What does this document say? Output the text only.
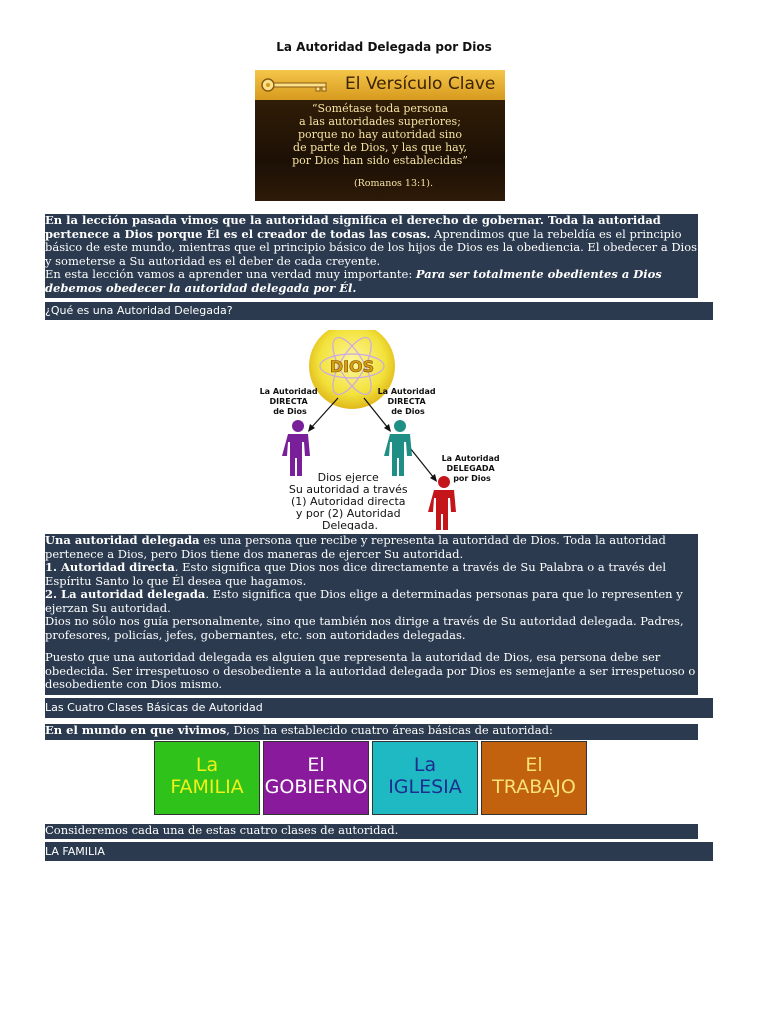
La Autoridad Delegada por Dios
El Versículo Clave
“Sométase toda persona
a las autoridades superiores;
porque no hay autoridad sino
de parte de Dios, y las que hay,
por Dios han sido establecidas”
(Romanos 13:1).
En la lección pasada vimos que la autoridad significa el derecho de gobernar. Toda la autoridad pertenece a Dios porque Él es el creador de todas las cosas. Aprendimos que la rebeldía es el principio básico de este mundo, mientras que el principio básico de los hijos de Dios es la obediencia. El obedecer a Dios y someterse a Su autoridad es el deber de cada creyente.
En esta lección vamos a aprender una verdad muy importante: Para ser totalmente obedientes a Dios debemos obedecer la autoridad delegada por Él.
¿Qué es una Autoridad Delegada?
DIOS
La Autoridad DIRECTA de Dios
La Autoridad DIRECTA de Dios
La Autoridad DELEGADA por Dios
Dios ejerce Su autoridad a través (1) Autoridad directa y por (2) Autoridad Delegada.
Una autoridad delegada es una persona que recibe y representa la autoridad de Dios. Toda la autoridad pertenece a Dios, pero Dios tiene dos maneras de ejercer Su autoridad.
1. Autoridad directa. Esto significa que Dios nos dice directamente a través de Su Palabra o a través del Espíritu Santo lo que Él desea que hagamos.
2. La autoridad delegada. Esto significa que Dios elige a determinadas personas para que lo representen y ejerzan Su autoridad.
Dios no sólo nos guía personalmente, sino que también nos dirige a través de Su autoridad delegada. Padres, profesores, policías, jefes, gobernantes, etc. son autoridades delegadas.
Puesto que una autoridad delegada es alguien que representa la autoridad de Dios, esa persona debe ser obedecida. Ser irrespetuoso o desobediente a la autoridad delegada por Dios es semejante a ser irrespetuoso o desobediente con Dios mismo.
Las Cuatro Clases Básicas de Autoridad
En el mundo en que vivimos, Dios ha establecido cuatro áreas básicas de autoridad:
La
FAMILIA
El
GOBIERNO
La
IGLESIA
El
TRABAJO
Consideremos cada una de estas cuatro clases de autoridad.
LA FAMILIA
